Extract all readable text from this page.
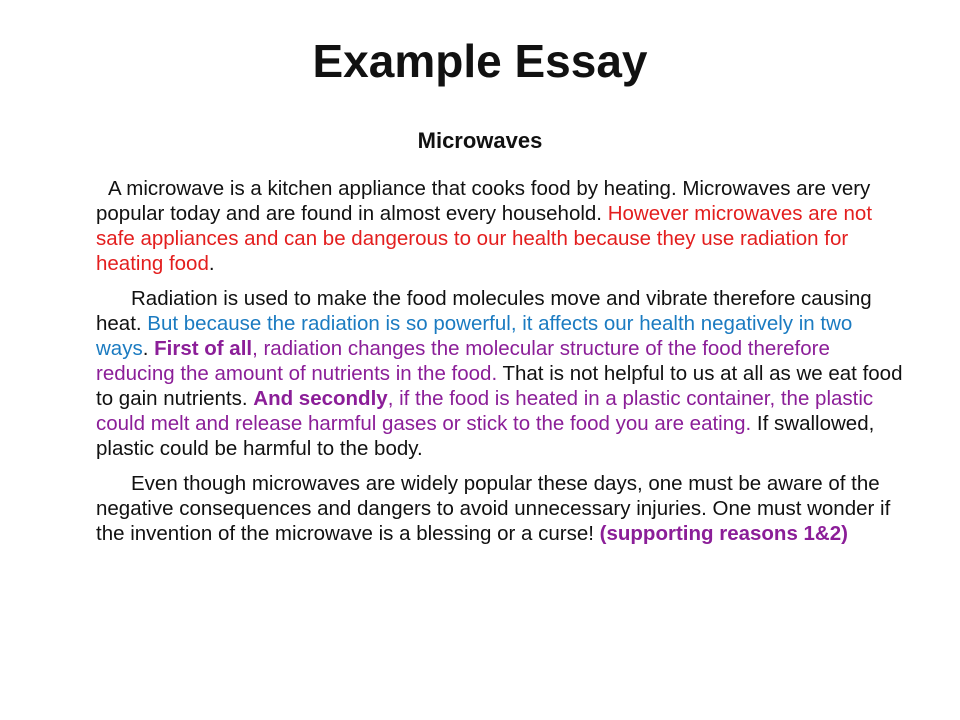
Example Essay
Microwaves

A microwave is a kitchen appliance that cooks food by heating. Microwaves are very popular today and are found in almost every household. However microwaves are not safe appliances and can be dangerous to our health because they use radiation for heating food.

Radiation is used to make the food molecules move and vibrate therefore causing heat. But because the radiation is so powerful, it affects our health negatively in two ways. First of all, radiation changes the molecular structure of the food therefore reducing the amount of nutrients in the food. That is not helpful to us at all as we eat food to gain nutrients. And secondly, if the food is heated in a plastic container, the plastic could melt and release harmful gases or stick to the food you are eating. If swallowed, plastic could be harmful to the body.

Even though microwaves are widely popular these days, one must be aware of the negative consequences and dangers to avoid unnecessary injuries. One must wonder if the invention of the microwave is a blessing or a curse! (supporting reasons 1&2)
